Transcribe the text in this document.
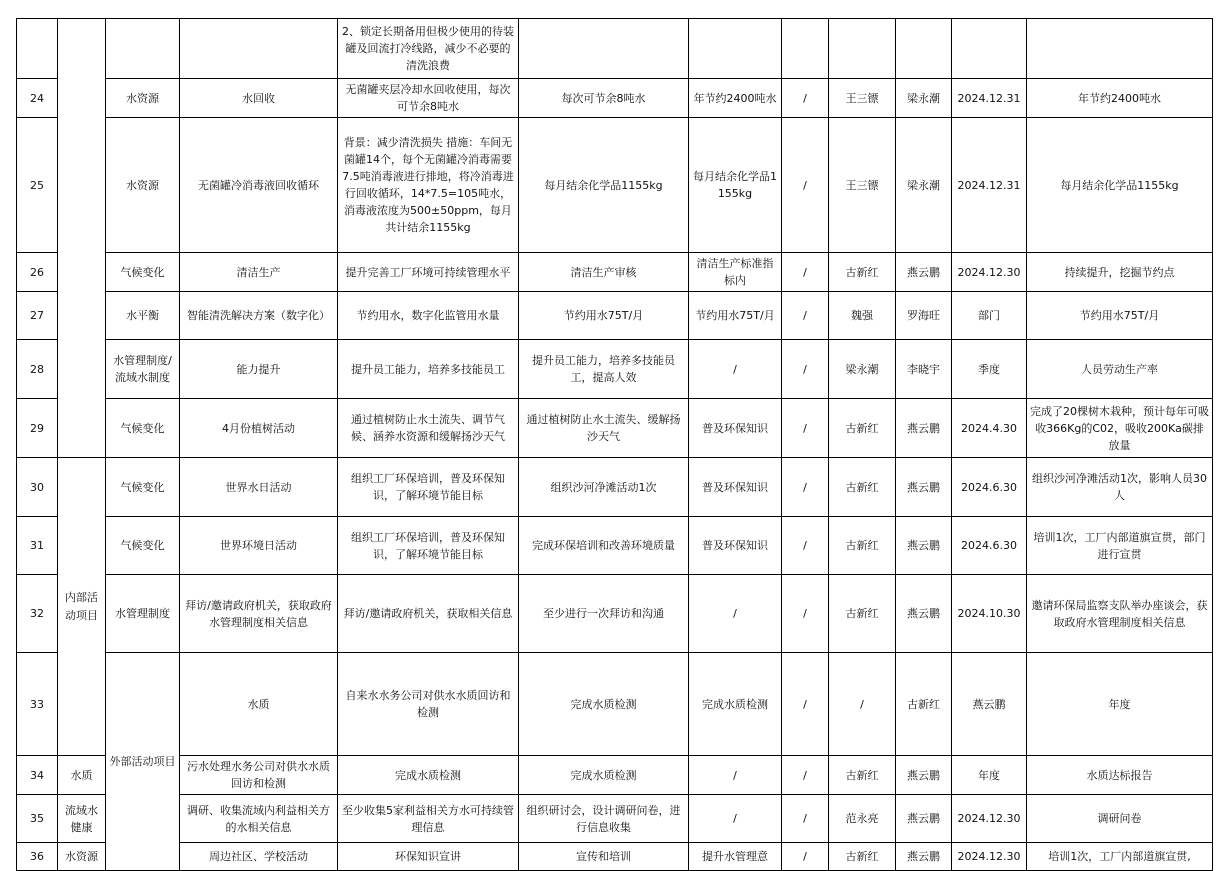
				2、锁定长期备用但极少使用的待装罐及回流打冷线路，减少不必要的清洗浪费								
24		水资源	水回收	无菌罐夹层冷却水回收使用，每次可节余8吨水	每次可节余8吨水	年节约2400吨水	/	王三镖	梁永潮	2024.12.31	年节约2400吨水	
25		水资源	无菌罐冷消毒液回收循环	背景：减少清洗损失 措施：车间无菌罐14个，每个无菌罐冷消毒需要7.5吨消毒液进行排地，将冷消毒进行回收循环，14*7.5=105吨水，消毒液浓度为500±50ppm，每月共计结余1155kg	每月结余化学品1155kg	每月结余化学品1155kg	/	王三镖	梁永潮	2024.12.31	每月结余化学品1155kg	
26		气候变化	清洁生产	提升完善工厂环境可持续管理水平	清洁生产审核	清洁生产标准指标内	/	古新红	燕云鹏	2024.12.30	持续提升，挖掘节约点	
27		水平衡	智能清洗解决方案（数字化）	节约用水，数字化监管用水量	节约用水75T/月	节约用水75T/月	/	魏强	罗海旺	部门	节约用水75T/月	
28		水管理制度/流域水制度	能力提升	提升员工能力，培养多技能员工	提升员工能力，培养多技能员工，提高人效	/	/	梁永潮	李晓宇	季度	人员劳动生产率	
29		气候变化	4月份植树活动	通过植树防止水土流失、调节气候、涵养水资源和缓解扬沙天气	通过植树防止水土流失、缓解扬沙天气	普及环保知识	/	古新红	燕云鹏	2024.4.30	完成了20棵树木栽种，预计每年可吸收366Kg的C02，吸收200Ka碳排放量	
30	内部活动项目	气候变化	世界水日活动	组织工厂环保培训，普及环保知识，了解环境节能目标	组织沙河净滩活动1次	普及环保知识	/	古新红	燕云鹏	2024.6.30	组织沙河净滩活动1次，影响人员30人	
31		气候变化	世界环境日活动	组织工厂环保培训，普及环保知识，了解环境节能目标	完成环保培训和改善环境质量	普及环保知识	/	古新红	燕云鹏	2024.6.30	培训1次，工厂内部道旗宣贯，部门进行宣贯	
32		水管理制度	拜访/邀请政府机关，获取政府 水管理制度相关信息	拜访/邀请政府机关，获取相关信息	至少进行一次拜访和沟通	/	/	古新红	燕云鹏	2024.10.30	邀请环保局监察支队举办座谈会，获取政府水管理制度相关信息	
33		外部活动项目	水质	自来水水务公司对供水水质回访和检测	完成水质检测	完成水质检测	/	/	古新红	燕云鹏	年度	
34	水质		污水处理水务公司对供水水质回访和检测	完成水质检测	完成水质检测	/	/	古新红	燕云鹏	年度	水质达标报告	
35	流域水健康		调研、收集流域内利益相关方的水相关信息	至少收集5家利益相关方水可持续管理信息	组织研讨会，设计调研问卷，进行信息收集	/	/	范永亮	燕云鹏	2024.12.30	调研问卷	
36	水资源		周边社区、学校活动	环保知识宣讲	宣传和培训	提升水管理意	/	古新红	燕云鹏	2024.12.30	培训1次，工厂内部道旗宣贯,	
